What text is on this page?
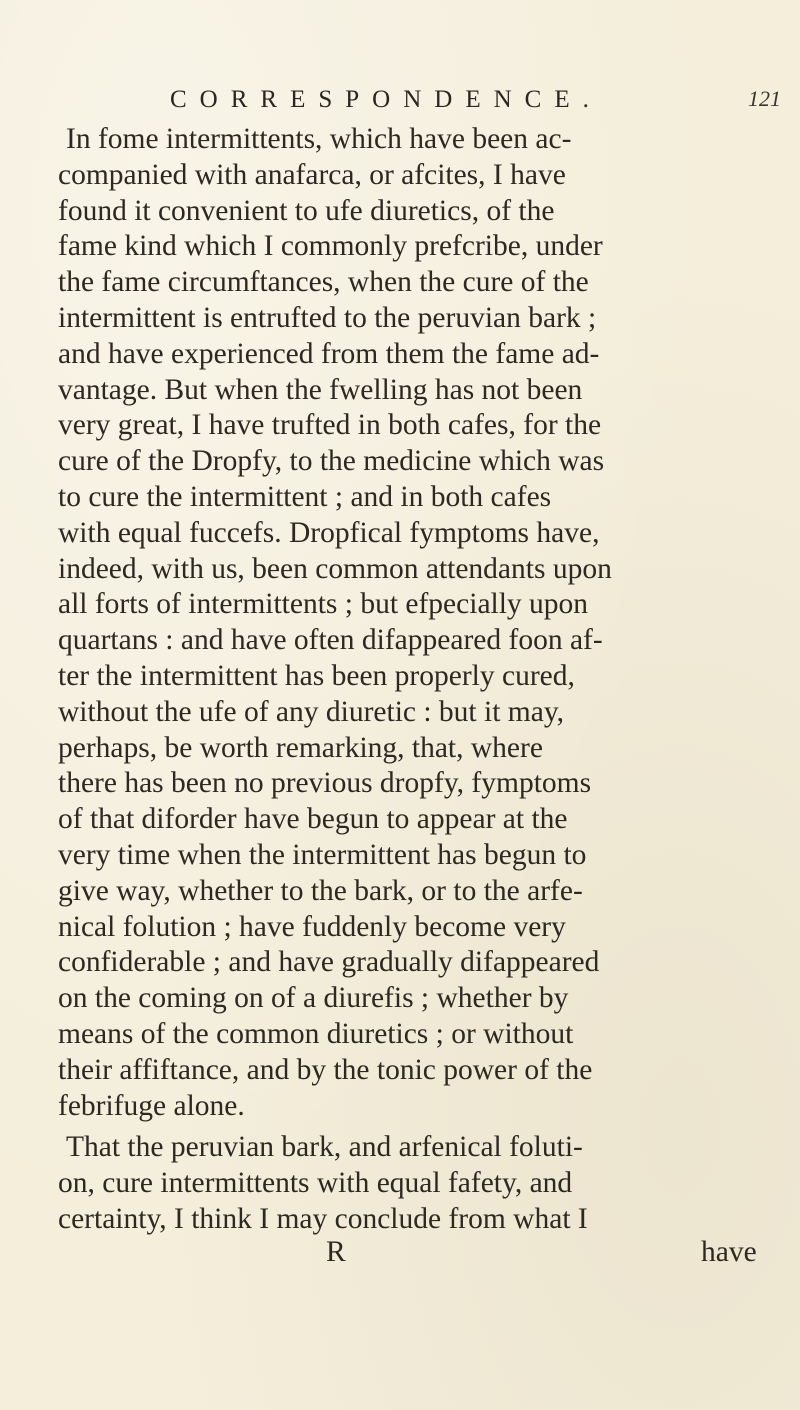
CORRESPONDENCE.	121
In fome intermittents, which have been ac-
companied with anafarca, or afcites, I have
found it convenient to ufe diuretics, of the
fame kind which I commonly prefcribe, under
the fame circumftances, when the cure of the
intermittent is entrufted to the peruvian bark ;
and have experienced from them the fame ad-
vantage. But when the fwelling has not been
very great, I have trufted in both cafes, for the
cure of the Dropfy, to the medicine which was
to cure the intermittent ; and in both cafes
with equal fuccefs. Dropfical fymptoms have,
indeed, with us, been common attendants upon
all forts of intermittents ; but efpecially upon
quartans : and have often difappeared foon af-
ter the intermittent has been properly cured,
without the ufe of any diuretic : but it may,
perhaps, be worth remarking, that, where
there has been no previous dropfy, fymptoms
of that diforder have begun to appear at the
very time when the intermittent has begun to
give way, whether to the bark, or to the arfe-
nical folution ; have fuddenly become very
confiderable ; and have gradually difappeared
on the coming on of a diurefis ; whether by
means of the common diuretics ; or without
their affiftance, and by the tonic power of the
febrifuge alone.
That the peruvian bark, and arfenical foluti-
on, cure intermittents with equal fafety, and
certainty, I think I may conclude from what I
R	have
